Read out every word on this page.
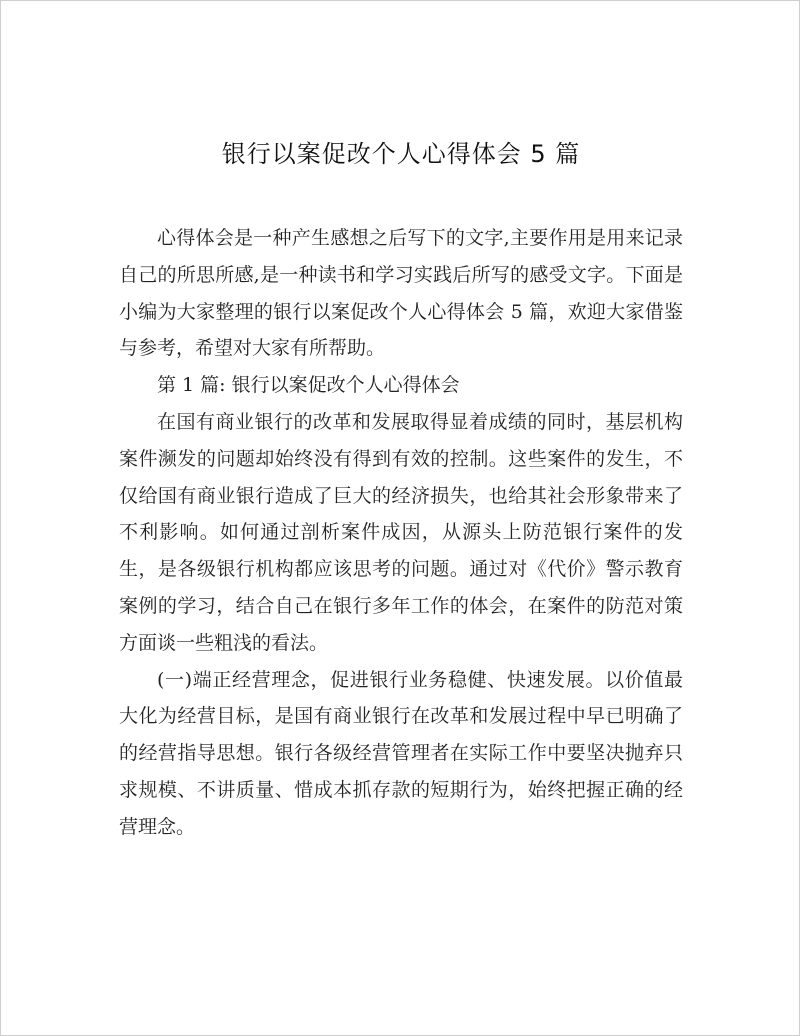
银行以案促改个人心得体会 5 篇

心得体会是一种产生感想之后写下的文字,主要作用是用来记录自己的所思所感,是一种读书和学习实践后所写的感受文字。下面是小编为大家整理的银行以案促改个人心得体会 5 篇，欢迎大家借鉴与参考，希望对大家有所帮助。

第 1 篇: 银行以案促改个人心得体会

在国有商业银行的改革和发展取得显着成绩的同时，基层机构案件濒发的问题却始终没有得到有效的控制。这些案件的发生，不仅给国有商业银行造成了巨大的经济损失，也给其社会形象带来了不利影响。如何通过剖析案件成因，从源头上防范银行案件的发生，是各级银行机构都应该思考的问题。通过对《代价》警示教育案例的学习，结合自己在银行多年工作的体会，在案件的防范对策方面谈一些粗浅的看法。

(一)端正经营理念，促进银行业务稳健、快速发展。以价值最大化为经营目标，是国有商业银行在改革和发展过程中早已明确了的经营指导思想。银行各级经营管理者在实际工作中要坚决抛弃只求规模、不讲质量、惜成本抓存款的短期行为，始终把握正确的经营理念。
